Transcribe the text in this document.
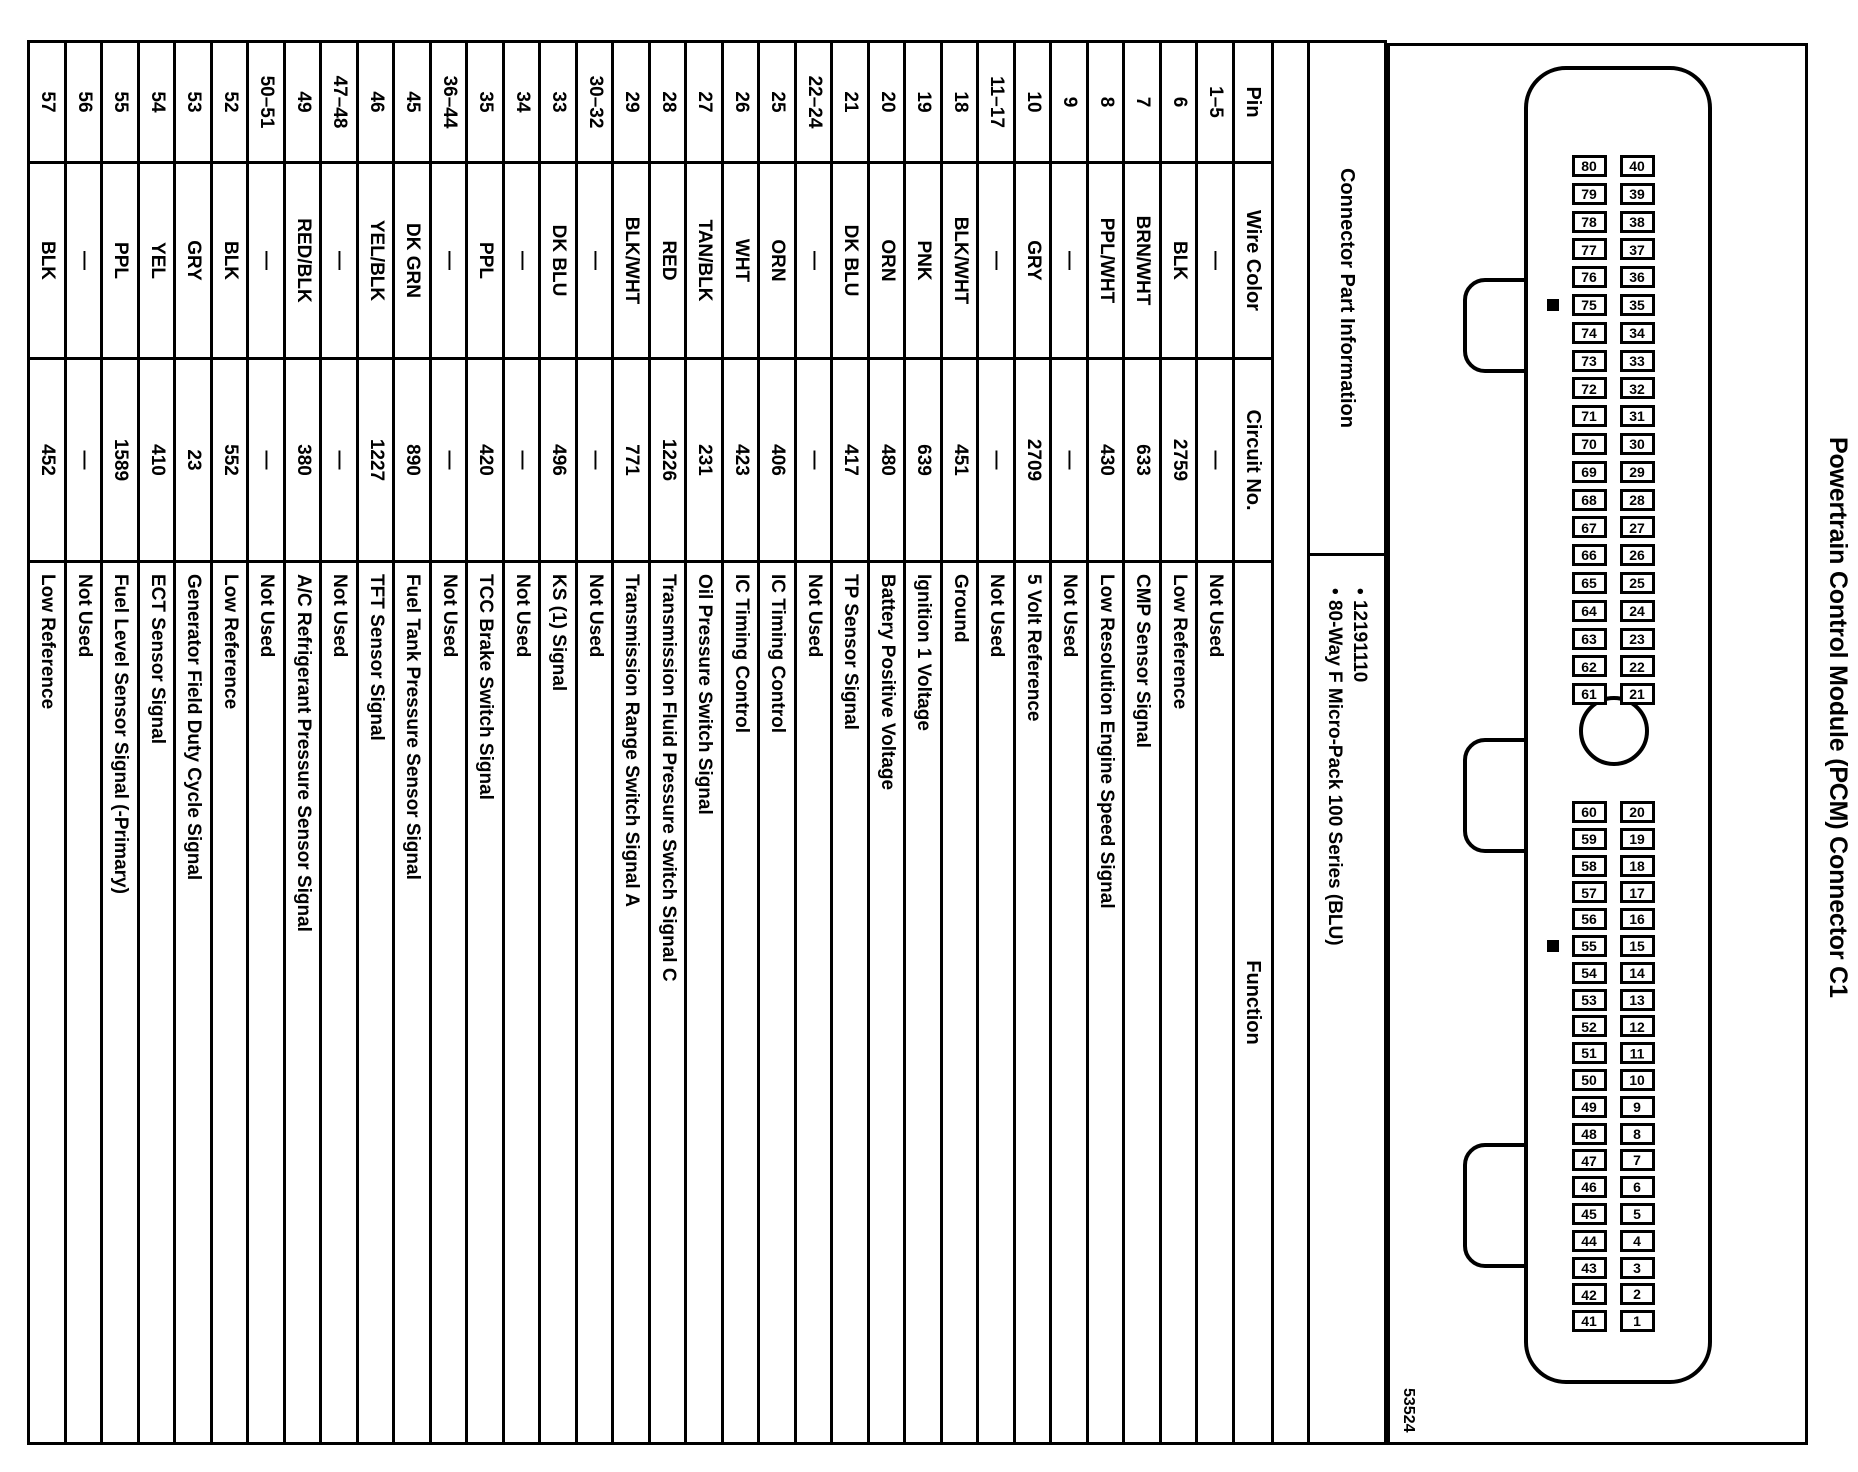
Powertrain Control Module (PCM) Connector C1
40
39
38
37
36
35
34
33
32
31
30
29
28
27
26
25
24
23
22
21
20
19
18
17
16
15
14
13
12
11
10
9
8
7
6
5
4
3
2
1
80
79
78
77
76
75
74
73
72
71
70
69
68
67
66
65
64
63
62
61
60
59
58
57
56
55
54
53
52
51
50
49
48
47
46
45
44
43
42
41
53524
Connector Part Information
• 12191110
• 80-Way F Micro-Pack 100 Series (BLU)
Pin
Wire Color
Circuit No.
Function
1–5
—
—
Not Used
6
BLK
2759
Low Reference
7
BRN/WHT
633
CMP Sensor Signal
8
PPL/WHT
430
Low Resolution Engine Speed Signal
9
—
—
Not Used
10
GRY
2709
5 Volt Reference
11–17
—
—
Not Used
18
BLK/WHT
451
Ground
19
PNK
639
Ignition 1 Voltage
20
ORN
480
Battery Positive Voltage
21
DK BLU
417
TP Sensor Signal
22–24
—
—
Not Used
25
ORN
406
IC Timing Control
26
WHT
423
IC Timing Control
27
TAN/BLK
231
Oil Pressure Switch Signal
28
RED
1226
Transmission Fluid Pressure Switch Signal C
29
BLK/WHT
771
Transmission Range Switch Signal A
30–32
—
—
Not Used
33
DK BLU
496
KS (1) Signal
34
—
—
Not Used
35
PPL
420
TCC Brake Switch Signal
36–44
—
—
Not Used
45
DK GRN
890
Fuel Tank Pressure Sensor Signal
46
YEL/BLK
1227
TFT Sensor Signal
47–48
—
—
Not Used
49
RED/BLK
380
A/C Refrigerant Pressure Sensor Signal
50–51
—
—
Not Used
52
BLK
552
Low Reference
53
GRY
23
Generator Field Duty Cycle Signal
54
YEL
410
ECT Sensor Signal
55
PPL
1589
Fuel Level Sensor Signal (-Primary)
56
—
—
Not Used
57
BLK
452
Low Reference
